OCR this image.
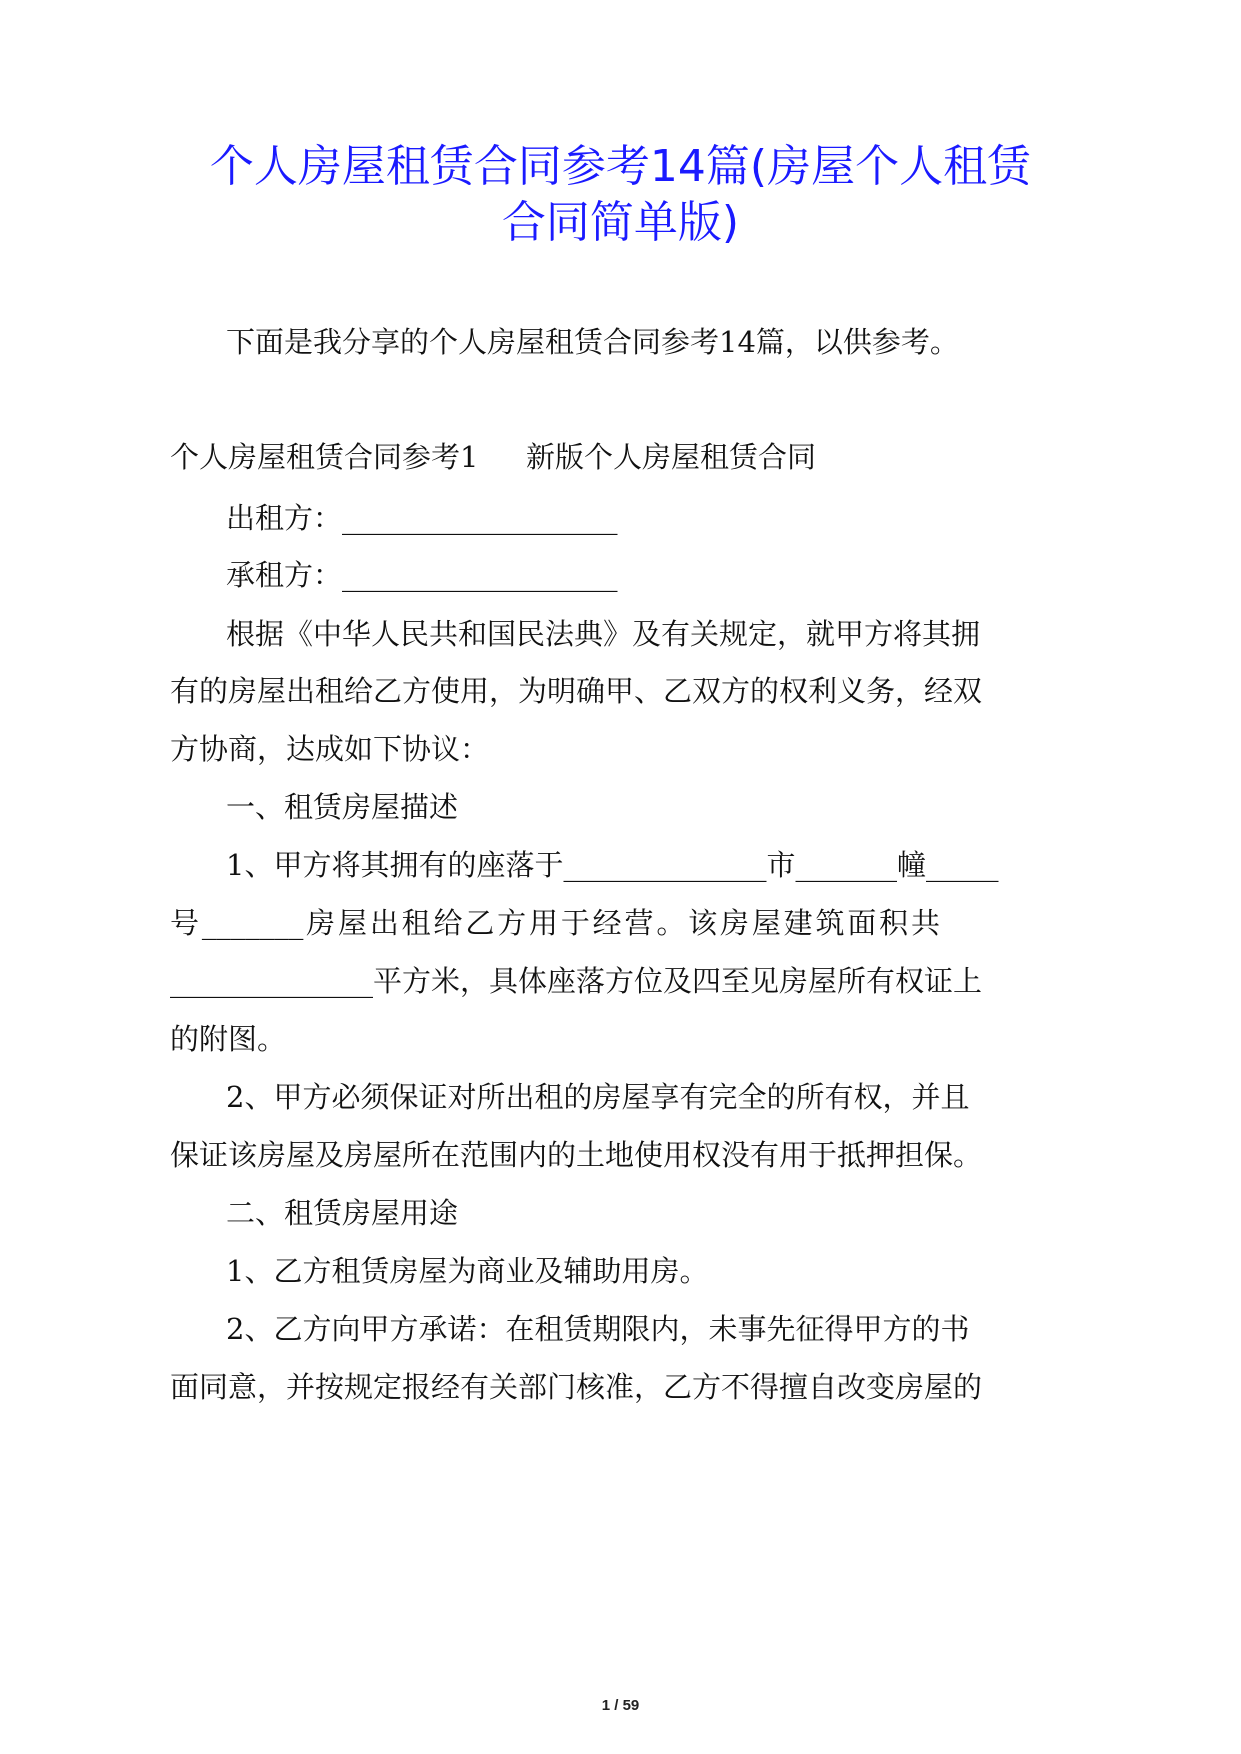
个人房屋租赁合同参考14篇(房屋个人租赁
合同简单版)
下面是我分享的个人房屋租赁合同参考14篇，以供参考。
个人房屋租赁合同参考1 新版个人房屋租赁合同
出租方：___________________
承租方：___________________
根据《中华人民共和国民法典》及有关规定，就甲方将其拥
有的房屋出租给乙方使用，为明确甲、乙双方的权利义务，经双
方协商，达成如下协议：
一、租赁房屋描述
1、甲方将其拥有的座落于______________市_______幢_____
号_______房屋出租给乙方用于经营。该房屋建筑面积共
______________平方米，具体座落方位及四至见房屋所有权证上
的附图。
2、甲方必须保证对所出租的房屋享有完全的所有权，并且
保证该房屋及房屋所在范围内的土地使用权没有用于抵押担保。
二、租赁房屋用途
1、乙方租赁房屋为商业及辅助用房。
2、乙方向甲方承诺：在租赁期限内，未事先征得甲方的书
面同意，并按规定报经有关部门核准，乙方不得擅自改变房屋的
1 / 59
